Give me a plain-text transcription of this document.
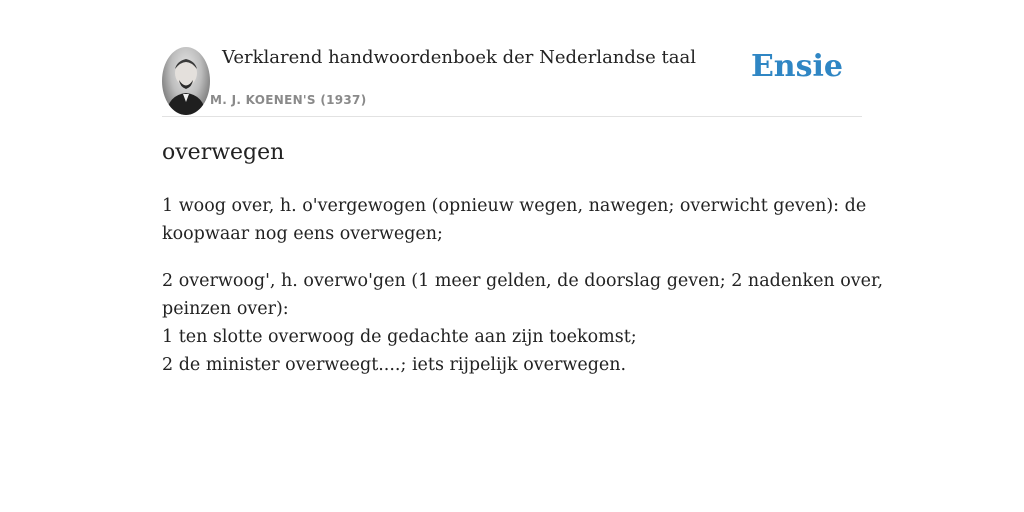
Verklarend handwoordenboek der Nederlandse taal
M. J. KOENEN'S (1937)
Ensie
overwegen
1 woog over, h. o'vergewogen (opnieuw wegen, nawegen; overwicht geven): de
koopwaar nog eens overwegen;
2 overwoog', h. overwo'gen (1 meer gelden, de doorslag geven; 2 nadenken over,
peinzen over):
1 ten slotte overwoog de gedachte aan zijn toekomst;
2 de minister overweegt....; iets rijpelijk overwegen.
